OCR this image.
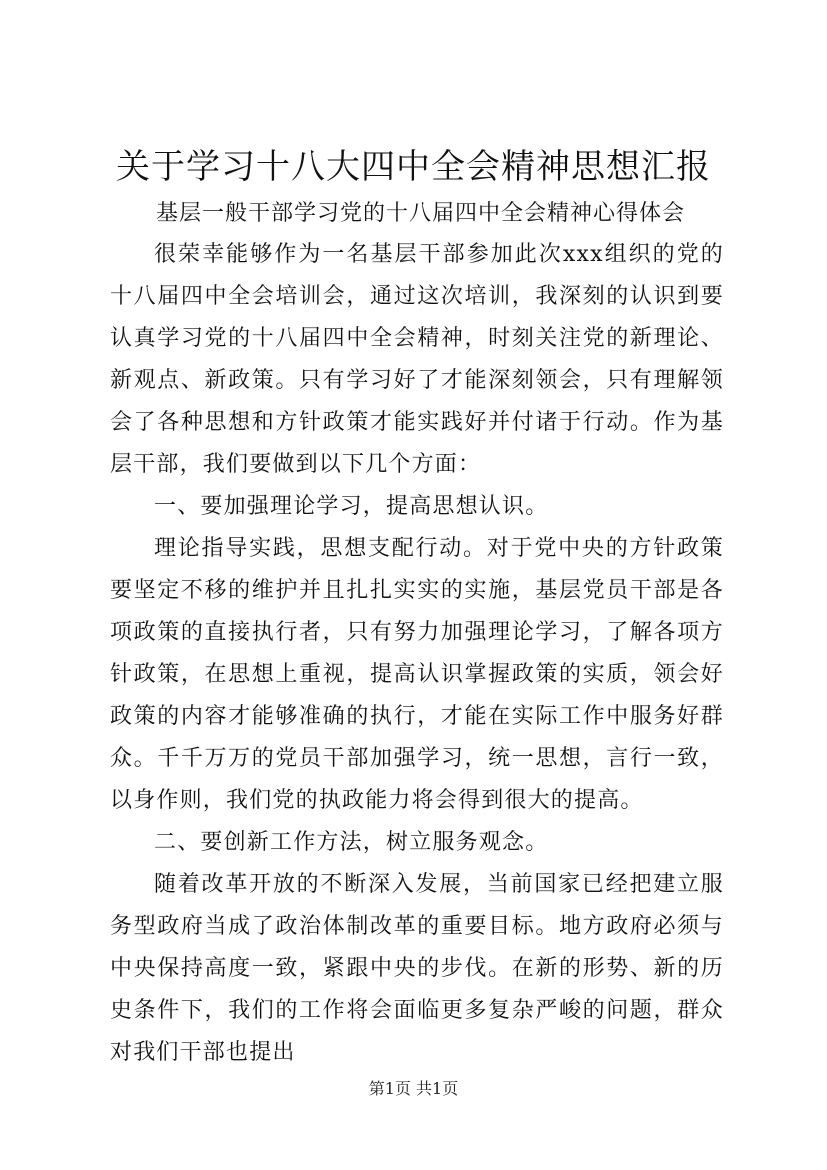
关于学习十八大四中全会精神思想汇报
基层一般干部学习党的十八届四中全会精神心得体会

很荣幸能够作为一名基层干部参加此次xxx组织的党的十八届四中全会培训会，通过这次培训，我深刻的认识到要认真学习党的十八届四中全会精神，时刻关注党的新理论、新观点、新政策。只有学习好了才能深刻领会，只有理解领会了各种思想和方针政策才能实践好并付诸于行动。作为基层干部，我们要做到以下几个方面：

一、要加强理论学习，提高思想认识。

理论指导实践，思想支配行动。对于党中央的方针政策要坚定不移的维护并且扎扎实实的实施，基层党员干部是各项政策的直接执行者，只有努力加强理论学习，了解各项方针政策，在思想上重视，提高认识掌握政策的实质，领会好政策的内容才能够准确的执行，才能在实际工作中服务好群众。千千万万的党员干部加强学习，统一思想，言行一致，以身作则，我们党的执政能力将会得到很大的提高。

二、要创新工作方法，树立服务观念。

随着改革开放的不断深入发展，当前国家已经把建立服务型政府当成了政治体制改革的重要目标。地方政府必须与中央保持高度一致，紧跟中央的步伐。在新的形势、新的历史条件下，我们的工作将会面临更多复杂严峻的问题，群众对我们干部也提出

第1页 共1页
